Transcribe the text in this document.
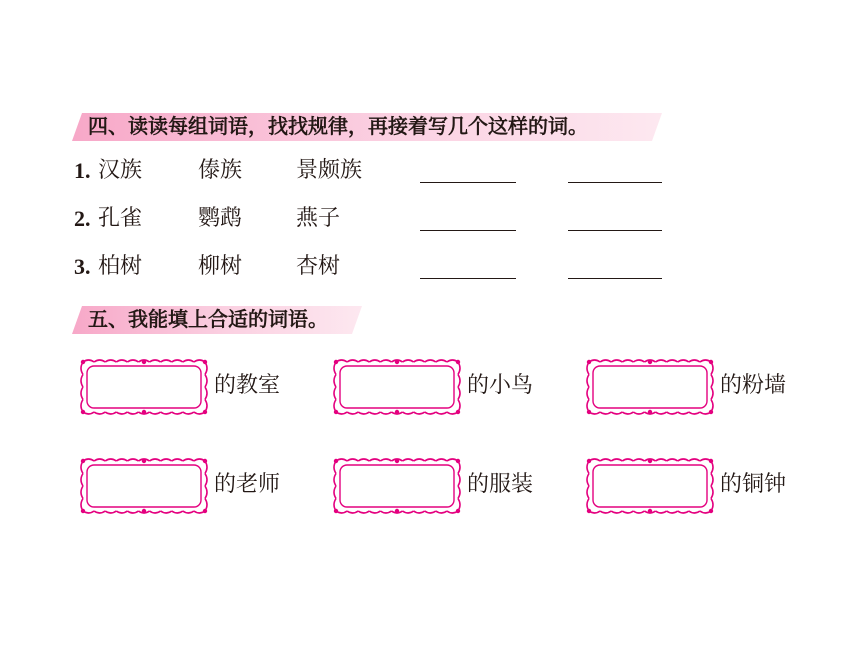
四、读读每组词语，找找规律，再接着写几个这样的词。
1. 汉族	傣族 景颇族
2. 孔雀	鹦鹉 燕子
3. 柏树	柳树 杏树
五、我能填上合适的词语。
的教室	的小鸟	的粉墙
的老师	的服装	的铜钟
